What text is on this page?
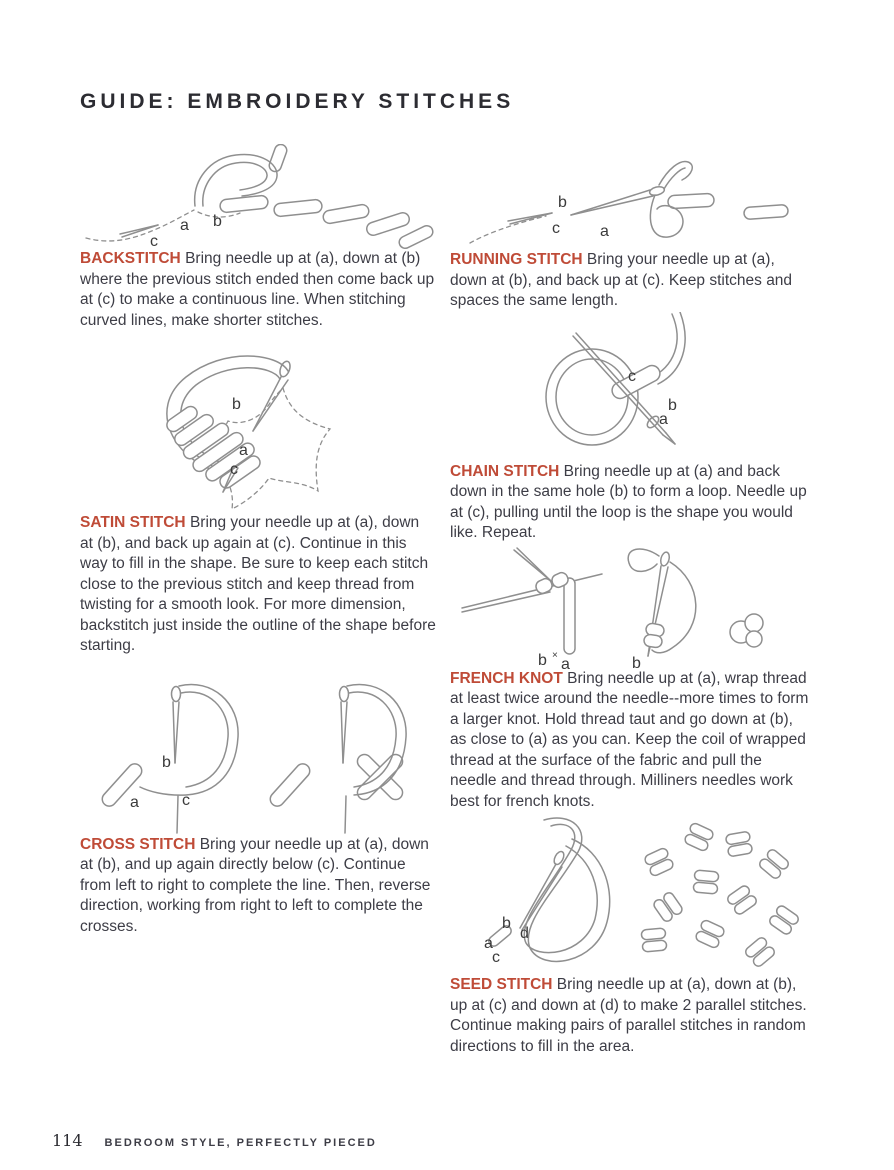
GUIDE: EMBROIDERY STITCHES
a b
c

BACKSTITCH Bring needle up at (a), down at (b) where the previous stitch ended then come back up at (c) to make a continuous line. When stitching curved lines, make shorter stitches.

b
a
c

SATIN STITCH Bring your needle up at (a), down at (b), and back up again at (c). Continue in this way to fill in the shape. Be sure to keep each stitch close to the previous stitch and keep thread from twisting for a smooth look. For more dimension, backstitch just inside the outline of the shape before starting.

b
a	c

CROSS STITCH Bring your needle up at (a), down at (b), and up again directly below (c). Continue from left to right to complete the line. Then, reverse direction, working from right to left to complete the crosses.

b
a
c

RUNNING STITCH Bring your needle up at (a), down at (b), and back up at (c). Keep stitches and spaces the same length.

c
b
a

CHAIN STITCH Bring needle up at (a) and back down in the same hole (b) to form a loop. Needle up at (c), pulling until the loop is the shape you would like. Repeat.

b ×
a	b

FRENCH KNOT Bring needle up at (a), wrap thread at least twice around the needle--more times to form a larger knot. Hold thread taut and go down at (b), as close to (a) as you can. Keep the coil of wrapped thread at the surface of the fabric and pull the needle and thread through. Milliners needles work best for french knots.

b
d
a
c

SEED STITCH Bring needle up at (a), down at (b), up at (c) and down at (d) to make 2 parallel stitches. Continue making pairs of parallel stitches in random directions to fill in the area.

114 BEDROOM STYLE, PERFECTLY PIECED
